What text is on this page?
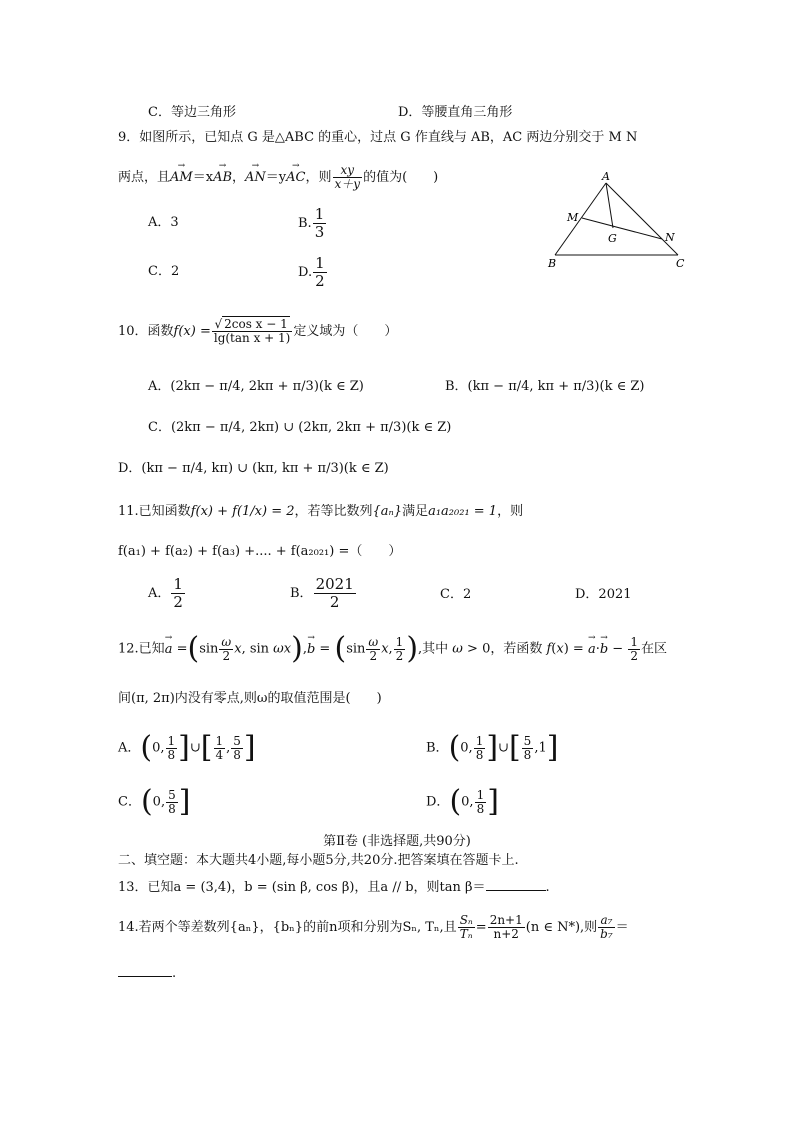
C．等边三角形	D．等腰直角三角形
9．如图所示，已知点 G 是△ABC 的重心，过点 G 作直线与 AB，AC 两边分别交于 M N
两点，且→ AM＝x→ AB，→ AN＝y→ AC，则 $\frac{xy}{x+y}$ 的值为(　　)
A．3	B. $\frac{1}{3}$
C．2	D. $\frac{1}{2}$
A
M
G	N
B	C
10．函数$f(x) = \frac{\text{√ 2cos x − 1}}{\text{lg(tan x + 1)}}$ 定义域为（　　）
A．(2kπ − π/4, 2kπ + π/3)(k ∈ Z)	B．(kπ − π/4, kπ + π/3)(k ∈ Z)
C．(2kπ − π/4, 2kπ) ∪ (2kπ, 2kπ + π/3)(k ∈ Z)
D．(kπ − π/4, kπ) ∪ (kπ, kπ + π/3)(k ∈ Z)
11.已知函数f(x) + f(1/x) = 2，若等比数列{aₙ}满足a₁a₂₀₂₁ = 1，则
f(a₁) + f(a₂) + f(a₃) +.... + f(a₂₀₂₁) =（　　）
A． $\frac{1}{2}$	B． $\frac{2021}{2}$	C．2	D．2021
12.已知→ $a =(\sin \frac{\omega}{2} x$, $\sin \omega x),\to b = (\sin \frac{\omega}{2} x$, $\frac{1}{2}$ ),其中 ω > 0，若函数 f(x) = → $a\cdot\to b - \frac{1}{2}$ 在区
间(π, 2π)内没有零点,则ω的取值范围是(　　)
A．(0, $\frac{1}{8}$ ]∪[ $\frac{1}{4}$ , $\frac{5}{8}$ ]	B．(0, $\frac{1}{8}$ ]∪[ $\frac{5}{8} ,1$]
C．(0, $\frac{5}{8}$ ]	D．(0, $\frac{1}{8}$ ]
第Ⅱ卷 (非选择题,共90分)
二、填空题：本大题共4小题,每小题5分,共20分.把答案填在答题卡上.
13．已知a = (3,4)，b = (sin β, cos β)，且a // b，则tan β＝	.
14.若两个等差数列{aₙ}，{bₙ}的前n项和分别为Sₙ, Tₙ,且 $\frac{\text{Sₙ}}{\text{Tₙ}} = \frac{2n+1}{n+2} (n$ ∈ N*),则 $\frac{\text{a₇}}{\text{b₇}}$ ＝
.
